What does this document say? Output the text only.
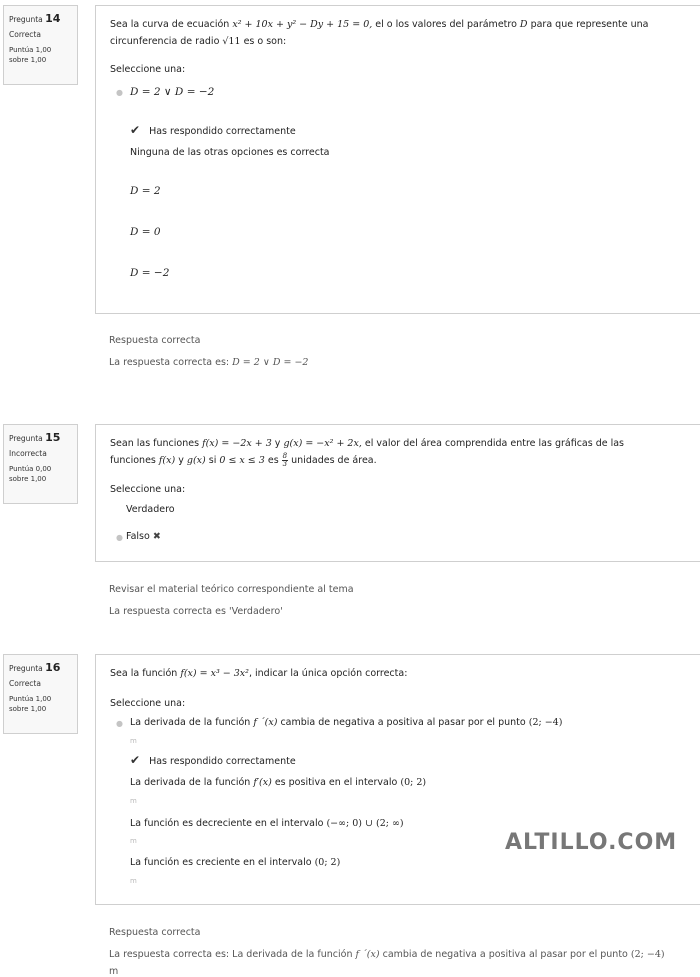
Pregunta 14
Correcta
Puntúa 1,00
sobre 1,00
Sea la curva de ecuación x² + 10x + y² − Dy + 15 = 0, el o los valores del parámetro D para que represente una
circunferencia de radio √11 es o son:
Seleccione una:
● D = 2 ∨ D = −2
✔ Has respondido correctamente
Ninguna de las otras opciones es correcta
D = 2
D = 0
D = −2
Respuesta correcta
La respuesta correcta es: D = 2 ∨ D = −2
Pregunta 15
Incorrecta
Puntúa 0,00
sobre 1,00
Sean las funciones f(x) = −2x + 3 y g(x) = −x² + 2x, el valor del área comprendida entre las gráficas de las
funciones f(x) y g(x) si 0 ≤ x ≤ 3 es $\frac{8}{3}$ unidades de área.
Seleccione una:
Verdadero
● Falso ✖
Revisar el material teórico correspondiente al tema
La respuesta correcta es 'Verdadero'
Pregunta 16
Correcta
Puntúa 1,00
sobre 1,00
Sea la función f(x) = x³ − 3x², indicar la única opción correcta:
Seleccione una:
● La derivada de la función f ´(x) cambia de negativa a positiva al pasar por el punto (2; −4)
m
✔ Has respondido correctamente
La derivada de la función f′(x) es positiva en el intervalo (0; 2)
m
La función es decreciente en el intervalo (−∞; 0) ∪ (2; ∞)
m
La función es creciente en el intervalo (0; 2)
m
Respuesta correcta
La respuesta correcta es: La derivada de la función f ´(x) cambia de negativa a positiva al pasar por el punto (2; −4)
m
ALTILLO.COM
